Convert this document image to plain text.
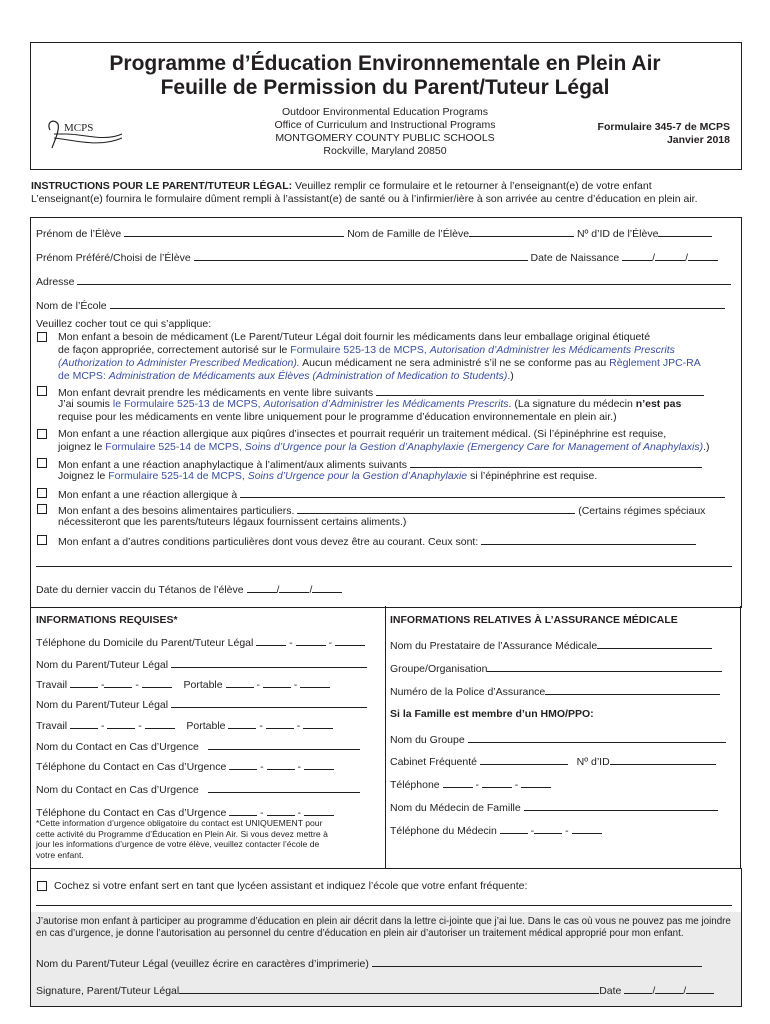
Programme d’Éducation Environnementale en Plein Air
Feuille de Permission du Parent/Tuteur Légal
MCPS
Outdoor Environmental Education Programs
Office of Curriculum and Instructional Programs
MONTGOMERY COUNTY PUBLIC SCHOOLS
Rockville, Maryland 20850
Formulaire 345-7 de MCPS
Janvier 2018
INSTRUCTIONS POUR LE PARENT/TUTEUR LÉGAL: Veuillez remplir ce formulaire et le retourner à l’enseignant(e) de votre enfant
L’enseignant(e) fournira le formulaire dûment rempli à l’assistant(e) de santé ou à l’infirmier/ière à son arrivée au centre d’éducation en plein air.
Prénom de l’Élève	Nom de Famille de l’Élève	Nº d’ID de l’Élève
Prénom Préféré/Choisi de l’Élève	Date de Naissance	/	/
Adresse
Nom de l’École
Veuillez cocher tout ce qui s’applique:
Mon enfant a besoin de médicament (Le Parent/Tuteur Légal doit fournir les médicaments dans leur emballage original étiqueté
de façon appropriée, correctement autorisé sur le Formulaire 525-13 de MCPS, Autorisation d’Administrer les Médicaments Prescrits
(Authorization to Administer Prescribed Medication). Aucun médicament ne sera administré s’il ne se conforme pas au Règlement JPC-RA
de MCPS: Administration de Médicaments aux Élèves (Administration of Medication to Students).)
Mon enfant devrait prendre les médicaments en vente libre suivants
J’ai soumis le Formulaire 525-13 de MCPS, Autorisation d’Administrer les Médicaments Prescrits. (La signature du médecin n’est pas
requise pour les médicaments en vente libre uniquement pour le programme d’éducation environnementale en plein air.)
Mon enfant a une réaction allergique aux piqûres d’insectes et pourrait requérir un traitement médical. (Si l’épinéphrine est requise,
joignez le Formulaire 525-14 de MCPS, Soins d’Urgence pour la Gestion d’Anaphylaxie (Emergency Care for Management of Anaphylaxis).)
Mon enfant a une réaction anaphylactique à l’aliment/aux aliments suivants
Joignez le Formulaire 525-14 de MCPS, Soins d’Urgence pour la Gestion d’Anaphylaxie si l’épinéphrine est requise.
Mon enfant a une réaction allergique à
Mon enfant a des besoins alimentaires particuliers.	(Certains régimes spéciaux
nécessiteront que les parents/tuteurs légaux fournissent certains aliments.)
Mon enfant a d’autres conditions particulières dont vous devez être au courant. Ceux sont:
Date du dernier vaccin du Tétanos de l’élève	/	/
INFORMATIONS REQUISES*
Téléphone du Domicile du Parent/Tuteur Légal	-	-
Nom du Parent/Tuteur Légal
Travail	-	-	Portable	-	-
Nom du Parent/Tuteur Légal
Travail	-	-	Portable	-	-
Nom du Contact en Cas d’Urgence
Téléphone du Contact en Cas d’Urgence	-	-
Nom du Contact en Cas d’Urgence
Téléphone du Contact en Cas d’Urgence	-	-
*Cette information d’urgence obligatoire du contact est UNIQUEMENT pour
cette activité du Programme d’Éducation en Plein Air. Si vous devez mettre à
jour les informations d’urgence de votre élève, veuillez contacter l’école de
votre enfant.
INFORMATIONS RELATIVES À L’ASSURANCE MÉDICALE
Nom du Prestataire de l’Assurance Médicale
Groupe/Organisation
Numéro de la Police d’Assurance
Si la Famille est membre d’un HMO/PPO:
Nom du Groupe
Cabinet Fréquenté	Nº d’ID
Téléphone	-	-
Nom du Médecin de Famille
Téléphone du Médecin	-	-
Cochez si votre enfant sert en tant que lycéen assistant et indiquez l’école que votre enfant fréquente:
J’autorise mon enfant à participer au programme d’éducation en plein air décrit dans la lettre ci-jointe que j’ai lue. Dans le cas où vous ne pouvez pas me joindre
en cas d’urgence, je donne l’autorisation au personnel du centre d’éducation en plein air d’autoriser un traitement médical approprié pour mon enfant.
Nom du Parent/Tuteur Légal (veuillez écrire en caractères d’imprimerie)
Signature, Parent/Tuteur Légal	Date	/	/
